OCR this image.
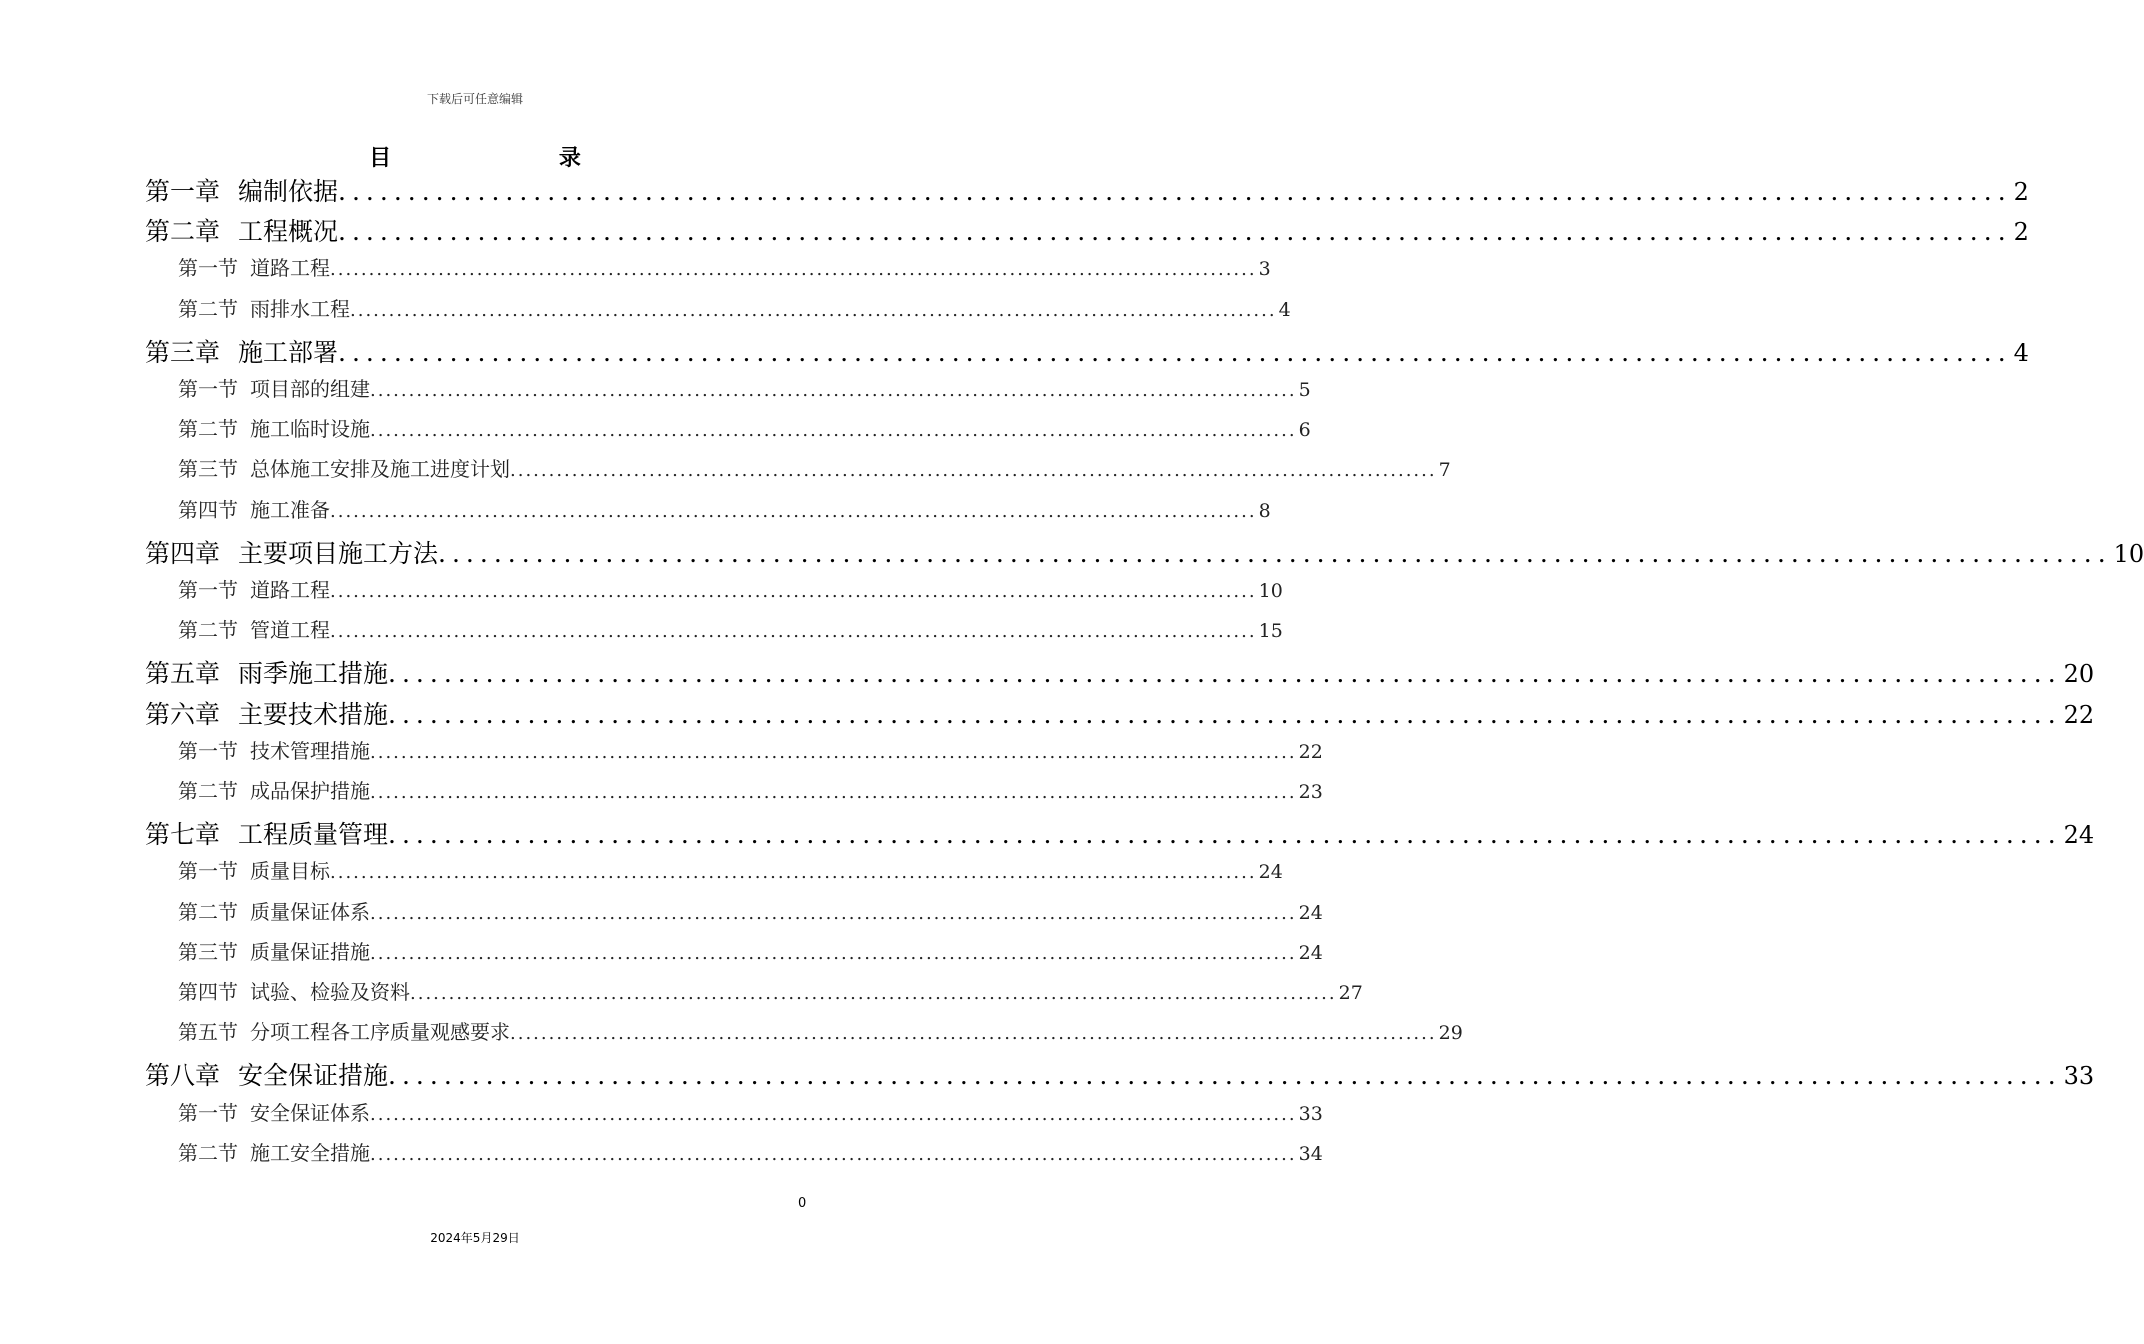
下载后可任意编辑
目 录
第一章 编制依据 ........................................................................................................................ 2
第二章 工程概况 ........................................................................................................................ 2
第一节 道路工程 ........................................................................................................................ 3
第二节 雨排水工程 ........................................................................................................................ 4
第三章 施工部署 ........................................................................................................................ 4
第一节 项目部的组建 ........................................................................................................................ 5
第二节 施工临时设施 ........................................................................................................................ 6
第三节 总体施工安排及施工进度计划 ........................................................................................................................ 7
第四节 施工准备 ........................................................................................................................ 8
第四章 主要项目施工方法 ........................................................................................................................ 10
第一节 道路工程 ........................................................................................................................ 10
第二节 管道工程 ........................................................................................................................ 15
第五章 雨季施工措施 ........................................................................................................................ 20
第六章 主要技术措施 ........................................................................................................................ 22
第一节 技术管理措施 ........................................................................................................................ 22
第二节 成品保护措施 ........................................................................................................................ 23
第七章 工程质量管理 ........................................................................................................................ 24
第一节 质量目标 ........................................................................................................................ 24
第二节 质量保证体系 ........................................................................................................................ 24
第三节 质量保证措施 ........................................................................................................................ 24
第四节 试验、检验及资料 ........................................................................................................................ 27
第五节 分项工程各工序质量观感要求 ........................................................................................................................ 29
第八章 安全保证措施 ........................................................................................................................ 33
第一节 安全保证体系 ........................................................................................................................ 33
第二节 施工安全措施 ........................................................................................................................ 34
0
2024年5月29日
